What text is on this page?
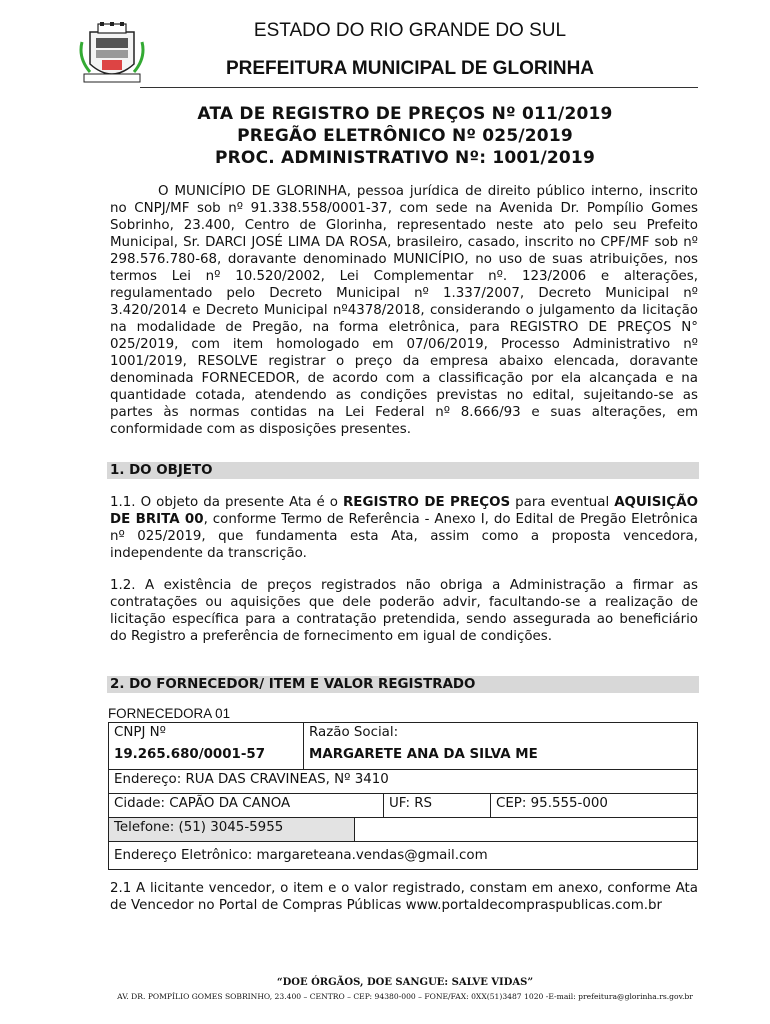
ESTADO DO RIO GRANDE DO SUL
PREFEITURA MUNICIPAL DE GLORINHA
ATA DE REGISTRO DE PREÇOS Nº 011/2019
PREGÃO ELETRÔNICO Nº 025/2019
PROC. ADMINISTRATIVO Nº: 1001/2019
O MUNICÍPIO DE GLORINHA, pessoa jurídica de direito público interno, inscrito no CNPJ/MF sob nº 91.338.558/0001-37, com sede na Avenida Dr. Pompílio Gomes Sobrinho, 23.400, Centro de Glorinha, representado neste ato pelo seu Prefeito Municipal, Sr. DARCI JOSÉ LIMA DA ROSA, brasileiro, casado, inscrito no CPF/MF sob nº 298.576.780-68, doravante denominado MUNICÍPIO, no uso de suas atribuições, nos termos Lei nº 10.520/2002, Lei Complementar nº. 123/2006 e alterações, regulamentado pelo Decreto Municipal nº 1.337/2007, Decreto Municipal nº 3.420/2014 e Decreto Municipal nº4378/2018, considerando o julgamento da licitação na modalidade de Pregão, na forma eletrônica, para REGISTRO DE PREÇOS N° 025/2019, com item homologado em 07/06/2019, Processo Administrativo nº 1001/2019, RESOLVE registrar o preço da empresa abaixo elencada, doravante denominada FORNECEDOR, de acordo com a classificação por ela alcançada e na quantidade cotada, atendendo as condições previstas no edital, sujeitando-se as partes às normas contidas na Lei Federal nº 8.666/93 e suas alterações, em conformidade com as disposições presentes.
1. DO OBJETO
1.1. O objeto da presente Ata é o REGISTRO DE PREÇOS para eventual AQUISIÇÃO DE BRITA 00, conforme Termo de Referência - Anexo I, do Edital de Pregão Eletrônica nº 025/2019, que fundamenta esta Ata, assim como a proposta vencedora, independente da transcrição.
1.2. A existência de preços registrados não obriga a Administração a firmar as contratações ou aquisições que dele poderão advir, facultando-se a realização de licitação específica para a contratação pretendida, sendo assegurada ao beneficiário do Registro a preferência de fornecimento em igual de condições.
2. DO FORNECEDOR/ ITEM E VALOR REGISTRADO
FORNECEDORA 01
CNPJ Nº
19.265.680/0001-57
Razão Social:
MARGARETE ANA DA SILVA ME
Endereço: RUA DAS CRAVINEAS, Nº 3410
Cidade: CAPÃO DA CANOA	UF: RS	CEP: 95.555-000
Telefone: (51) 3045-5955
Endereço Eletrônico: margareteana.vendas@gmail.com
2.1 A licitante vencedor, o item e o valor registrado, constam em anexo, conforme Ata de Vencedor no Portal de Compras Públicas www.portaldecompraspublicas.com.br
“DOE ÓRGÃOS, DOE SANGUE: SALVE VIDAS”
AV. DR. POMPÍLIO GOMES SOBRINHO, 23.400 – CENTRO – CEP: 94380-000 – FONE/FAX: 0XX(51)3487 1020 -E-mail: prefeitura@glorinha.rs.gov.br
